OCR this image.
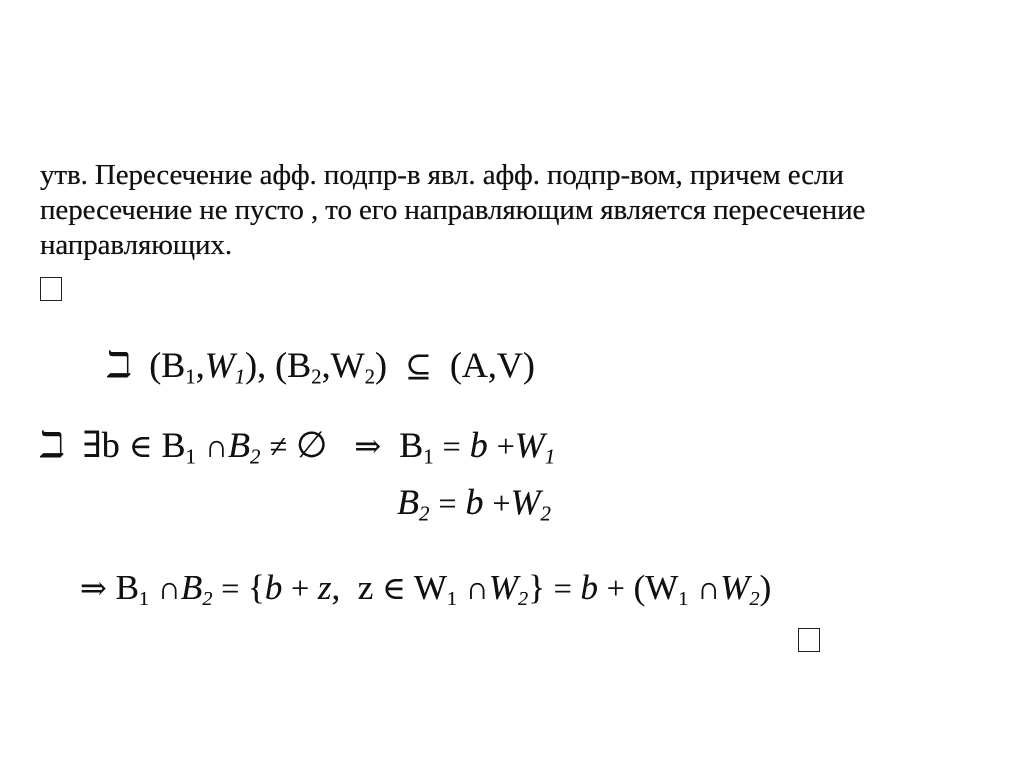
утв. Пересечение афф. подпр-в явл. афф. подпр-вом, причем если
пересечение не пусто , то его направляющим является пересечение
направляющих.
ℶ  $(B_1,W_1)$, $(B_2,W_2)$  ⊆ (A,V)
ℶ ∃b ∈ $B_1$ $\cap B_2$ ≠ ∅ ⇒ $B_1 = b +W_1$
$B_2 = b +W_2$
⇒ $B_1$ $\cap B_2 = \{b + z$, z ∈ $W_1$ $\cap W_2\} = b + (W_1$ $\cap W_2$)
